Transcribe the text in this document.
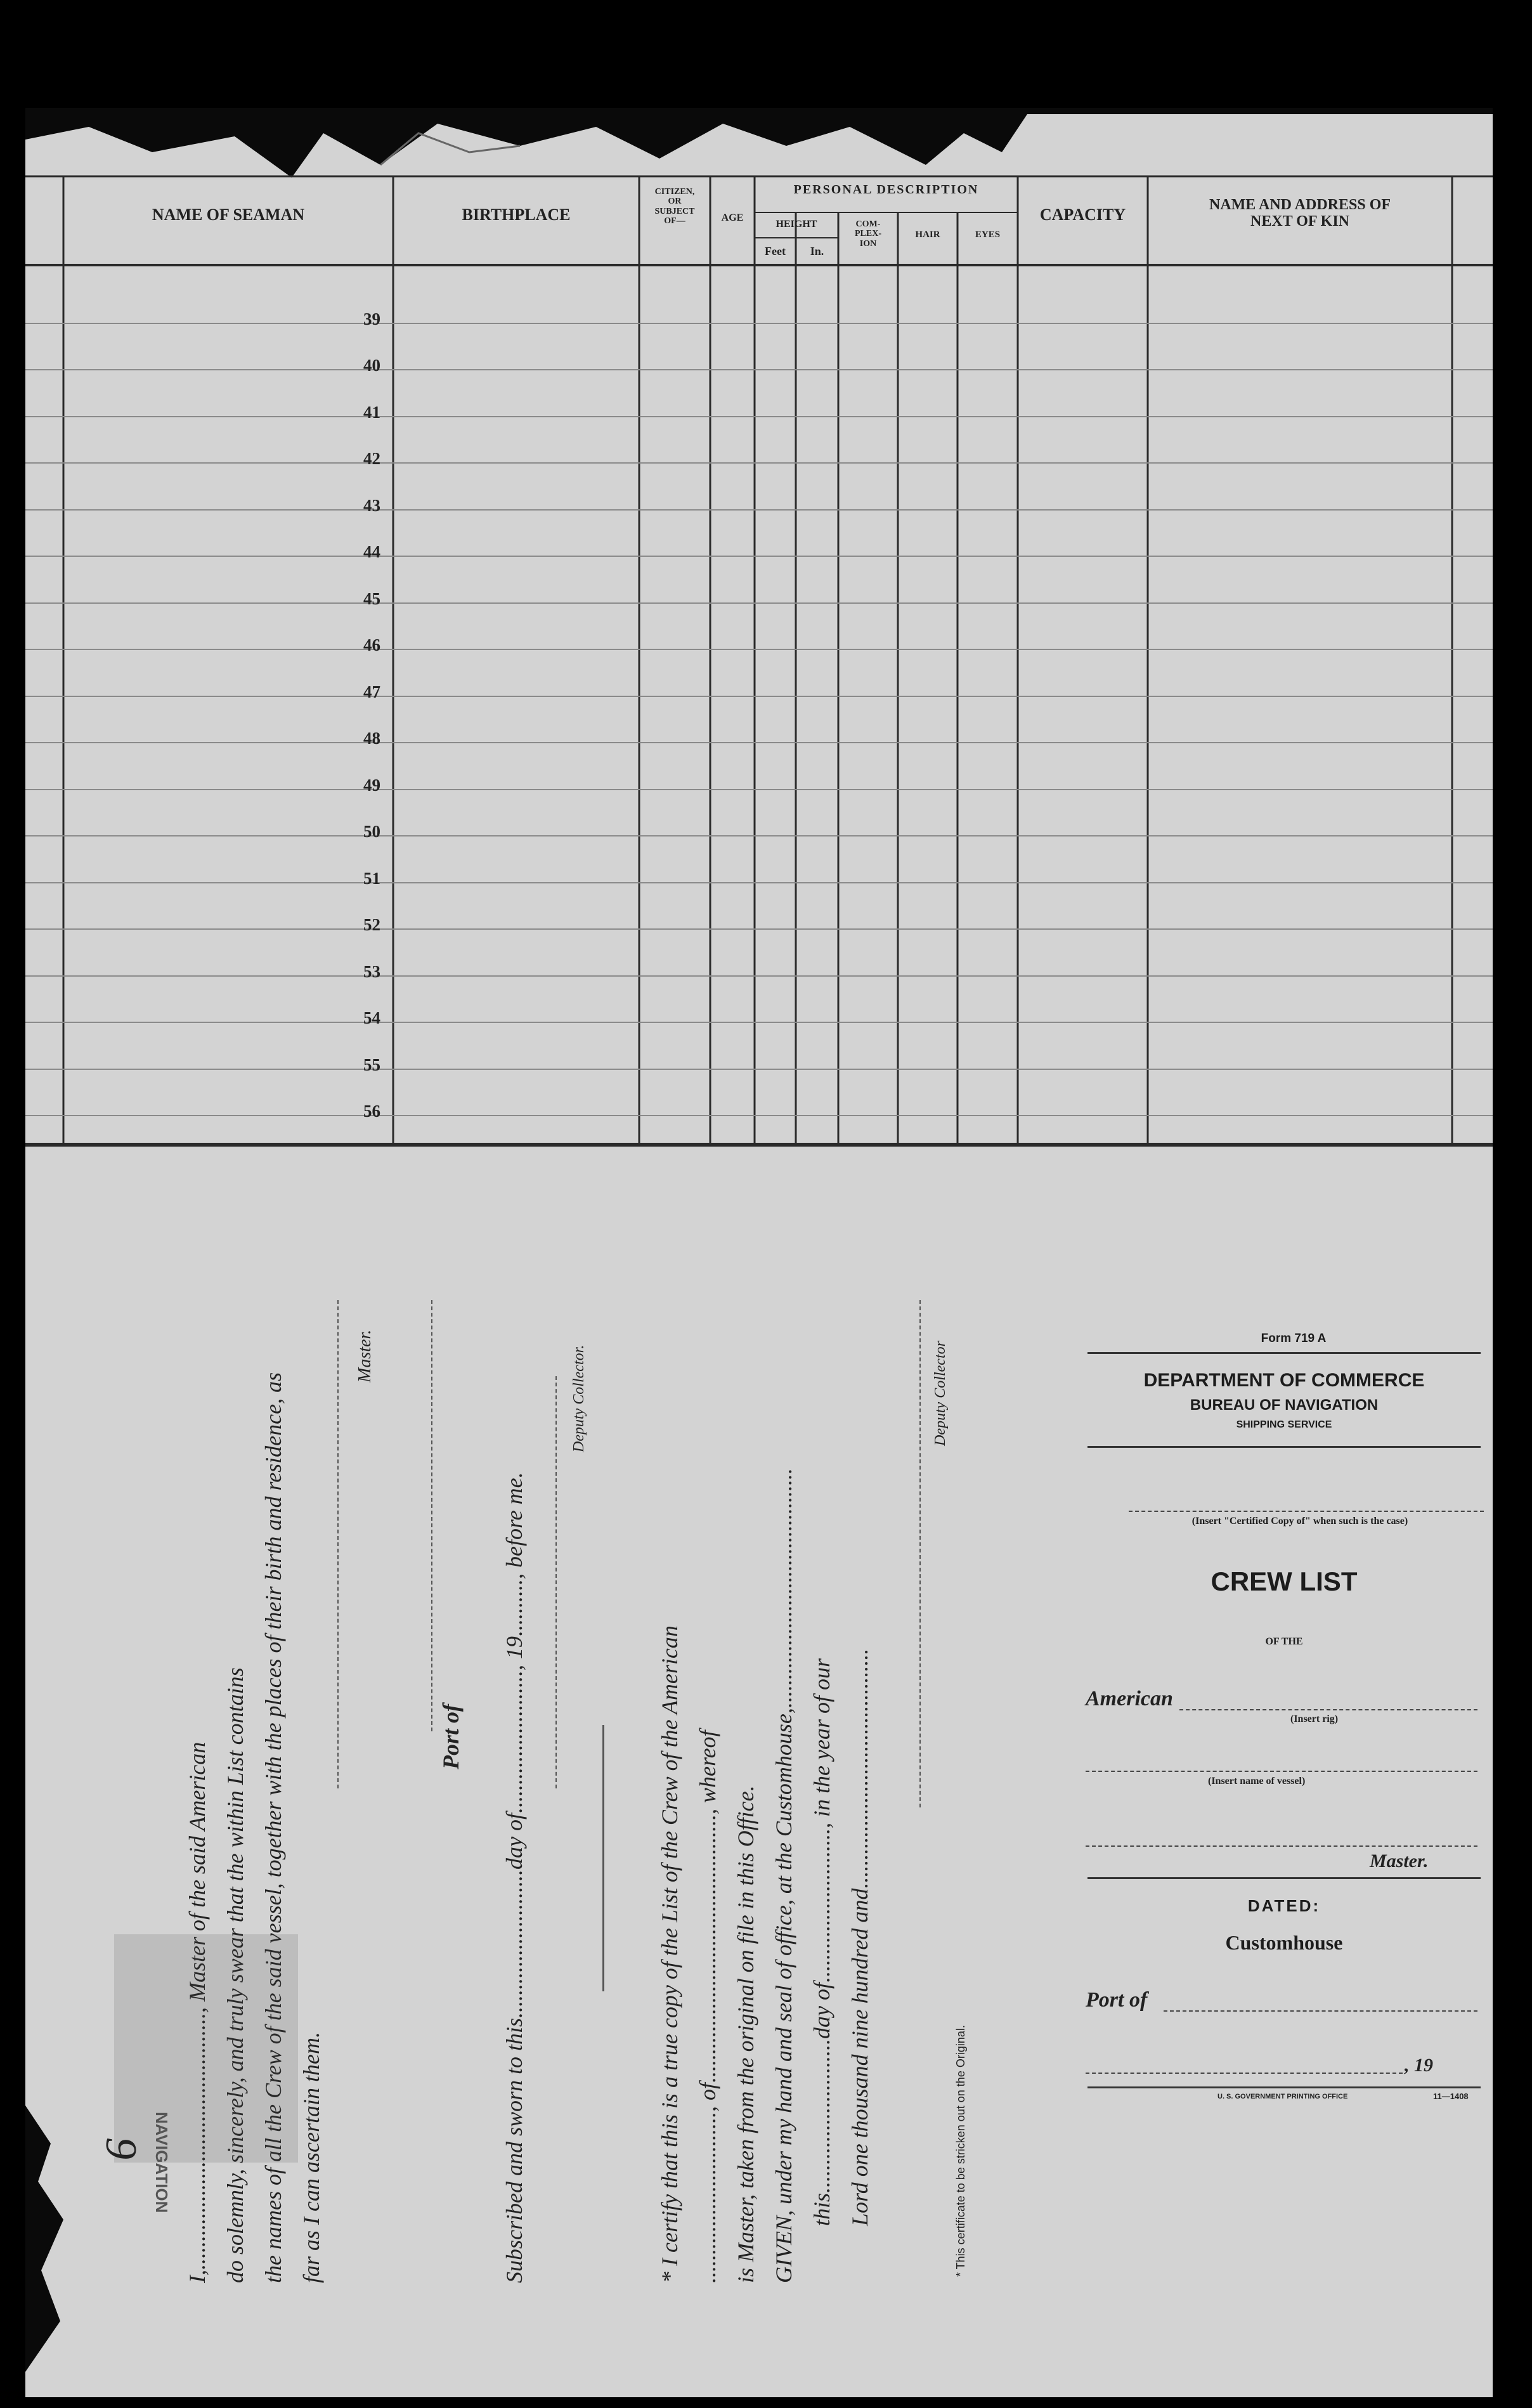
NAME OF SEAMAN	BIRTHPLACE
CITIZEN,
OR
SUBJECT
OF—	AGE
PERSONAL DESCRIPTION
HEIGHT
Feet	In.
COM-
PLEX-
ION
HAIR	EYES
CAPACITY
NAME AND ADDRESS OF
NEXT OF KIN
39
40
41
42
43
44
45
46
47
48
49
50
51
52
53
54
55
56
I,............................................., Master of the said American do solemnly, sincerely, and truly swear that the within List contains the names of all the Crew of the said vessel, together with the places of their birth and residence, as far as I can ascertain them.
Master.
Port of
Subscribed and sworn to this..........................day of........................., 19.........., before me.
Deputy Collector.
* I certify that this is a true copy of the List of the Crew of the American .............................., of..............................................., whereof
is Master, taken from the original on file in this Office. GIVEN, under my hand and seal of office, at the Customhouse,..........................................
this...........................day of..........................., in the year of our
Lord one thousand nine hundred and..........................................
Deputy Collector
* This certificate to be stricken out on the Original.
Form 719 A
DEPARTMENT OF COMMERCE
BUREAU OF NAVIGATION
SHIPPING SERVICE
(Insert "Certified Copy of" when such is the case)
CREW LIST
OF THE
American
(Insert rig)
(Insert name of vessel)
Master.
DATED:
Customhouse
Port of
, 19
U. S. GOVERNMENT PRINTING OFFICE	11—1408
NAVIGATION
9
